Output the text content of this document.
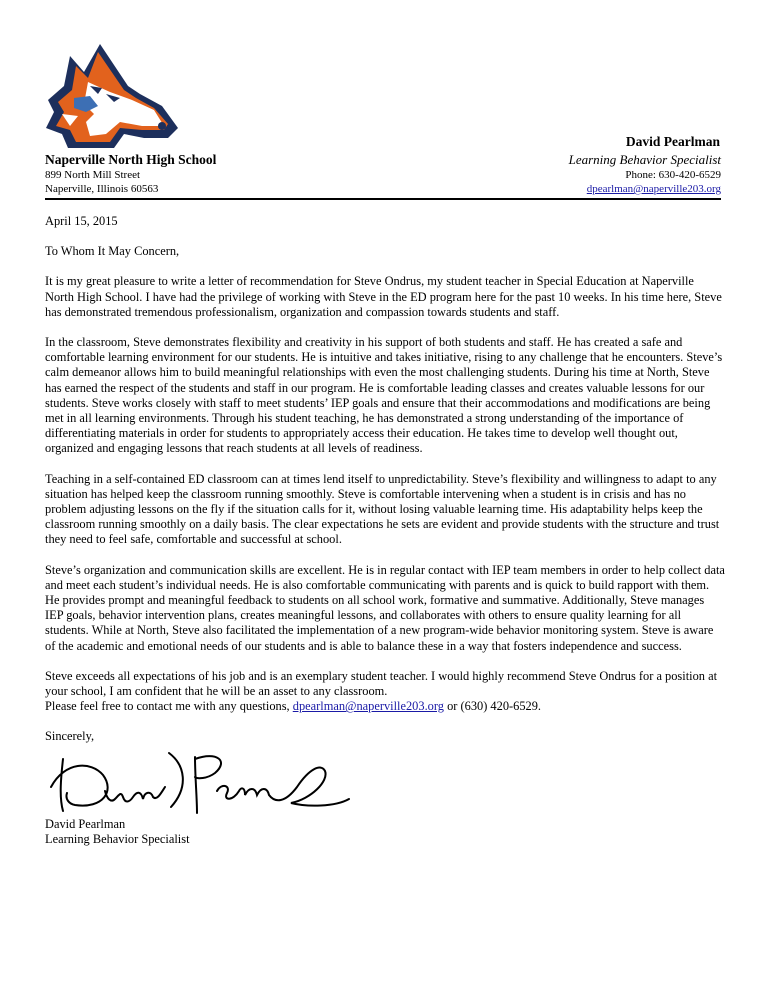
David Pearlman
Naperville North High School
899 North Mill Street
Naperville, Illinois 60563
Learning Behavior Specialist
Phone: 630-420-6529
dpearlman@naperville203.org

April 15, 2015

To Whom It May Concern,

It is my great pleasure to write a letter of recommendation for Steve Ondrus, my student teacher in Special Education at Naperville North High School. I have had the privilege of working with Steve in the ED program here for the past 10 weeks. In his time here, Steve has demonstrated tremendous professionalism, organization and compassion towards students and staff.

In the classroom, Steve demonstrates flexibility and creativity in his support of both students and staff. He has created a safe and comfortable learning environment for our students. He is intuitive and takes initiative, rising to any challenge that he encounters. Steve’s calm demeanor allows him to build meaningful relationships with even the most challenging students. During his time at North, Steve has earned the respect of the students and staff in our program. He is comfortable leading classes and creates valuable lessons for our students. Steve works closely with staff to meet students’ IEP goals and ensure that their accommodations and modifications are being met in all learning environments. Through his student teaching, he has demonstrated a strong understanding of the importance of differentiating materials in order for students to appropriately access their education. He takes time to develop well thought out, organized and engaging lessons that reach students at all levels of readiness.

Teaching in a self-contained ED classroom can at times lend itself to unpredictability. Steve’s flexibility and willingness to adapt to any situation has helped keep the classroom running smoothly. Steve is comfortable intervening when a student is in crisis and has no problem adjusting lessons on the fly if the situation calls for it, without losing valuable learning time. His adaptability helps keep the classroom running smoothly on a daily basis. The clear expectations he sets are evident and provide students with the structure and trust they need to feel safe, comfortable and successful at school.

Steve’s organization and communication skills are excellent. He is in regular contact with IEP team members in order to help collect data and meet each student’s individual needs. He is also comfortable communicating with parents and is quick to build rapport with them. He provides prompt and meaningful feedback to students on all school work, formative and summative. Additionally, Steve manages IEP goals, behavior intervention plans, creates meaningful lessons, and collaborates with others to ensure quality learning for all students. While at North, Steve also facilitated the implementation of a new program-wide behavior monitoring system. Steve is aware of the academic and emotional needs of our students and is able to balance these in a way that fosters independence and success.

Steve exceeds all expectations of his job and is an exemplary student teacher. I would highly recommend Steve Ondrus for a position at your school, I am confident that he will be an asset to any classroom.

Please feel free to contact me with any questions, dpearlman@naperville203.org or (630) 420-6529.

Sincerely,
David Pearlman
Learning Behavior Specialist
